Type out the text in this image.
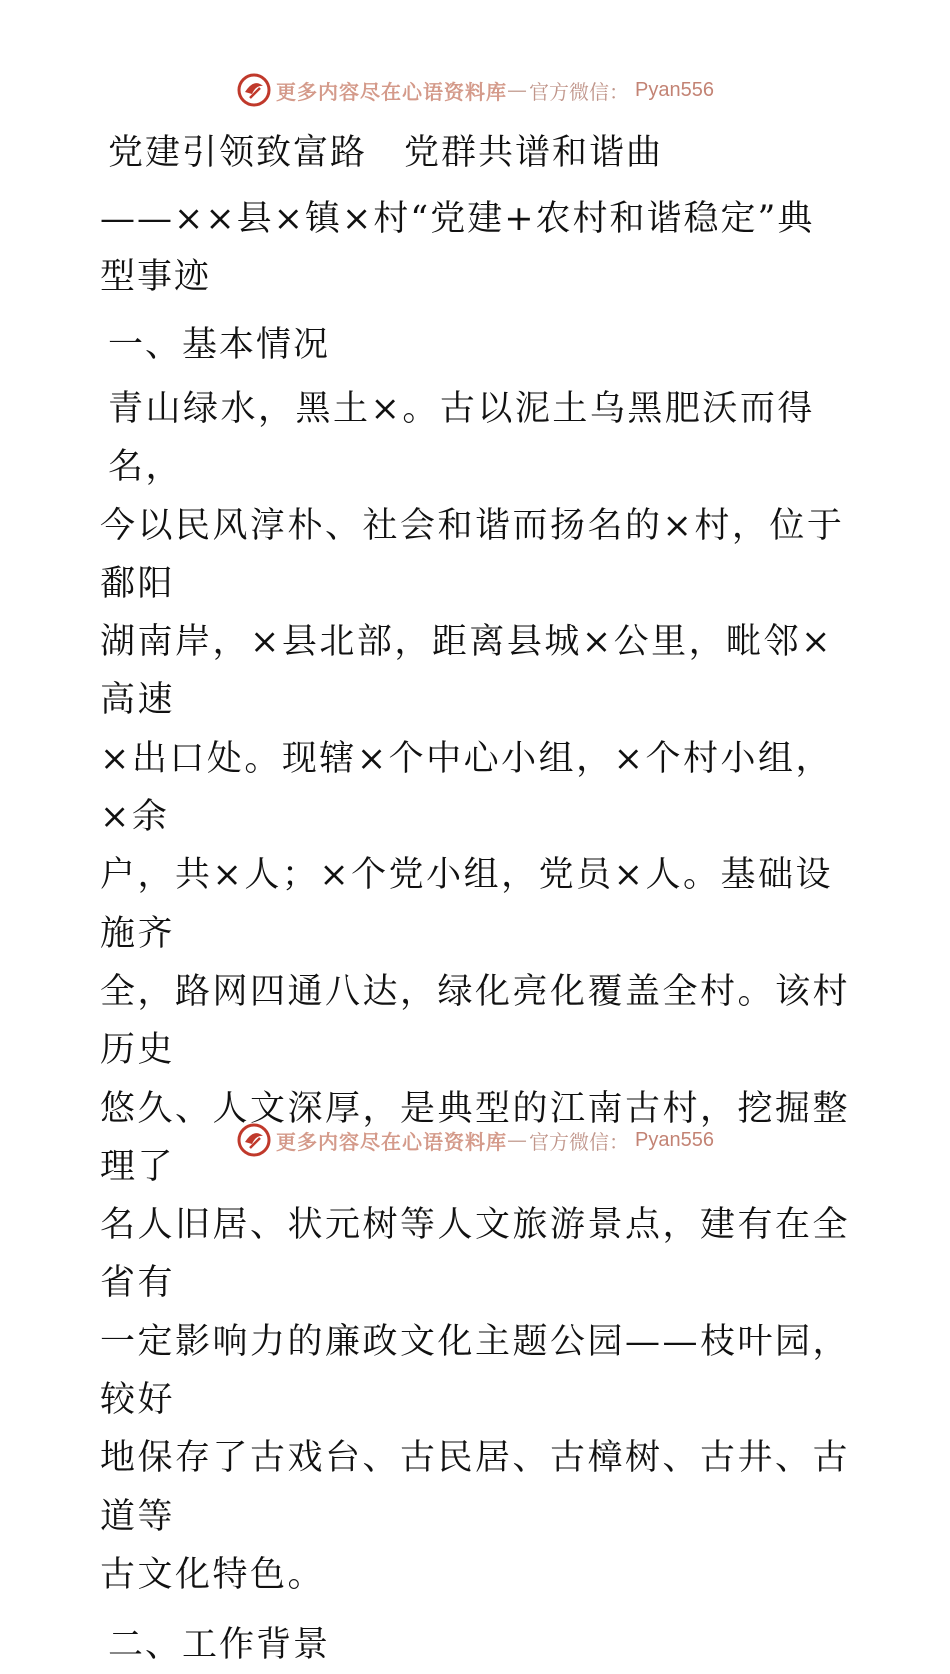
更多内容尽在心语资料库 — 官方微信： Pyan556
党建引领致富路　党群共谱和谐曲
——××县×镇×村“党建+农村和谐稳定”典型事迹
一、基本情况
青山绿水，黑土×。古以泥土乌黑肥沃而得名，
今以民风淳朴、社会和谐而扬名的×村，位于鄱阳
湖南岸，×县北部，距离县城×公里，毗邻×高速
×出口处。现辖×个中心小组，×个村小组，×余
户，共×人；×个党小组，党员×人。基础设施齐
全，路网四通八达，绿化亮化覆盖全村。该村历史
悠久、人文深厚，是典型的江南古村，挖掘整理了
名人旧居、状元树等人文旅游景点，建有在全省有
一定影响力的廉政文化主题公园——枝叶园，较好
地保存了古戏台、古民居、古樟树、古井、古道等
古文化特色。
二、工作背景
更多内容尽在心语资料库 — 官方微信： Pyan556
